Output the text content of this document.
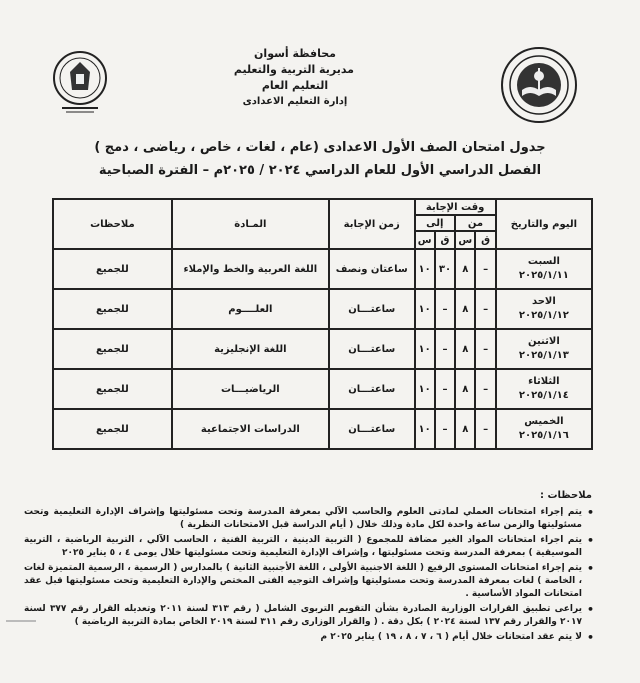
محافظة أسوان
مديرية التربية والتعليم
التعليم العام
إدارة التعليم الاعدادى
جدول امتحان الصف الأول الاعدادى (عام ، لغات ، خاص ، رياضى ، دمج )
الفصل الدراسي الأول للعام الدراسي ٢٠٢٤ / ٢٠٢٥م – الفترة الصباحية
اليوم والتاريخ	وقت الإجابة				زمن الإجابة	المـادة	ملاحظات
	من		إلى				
	ق	س	ق	س			

السبت
٢٠٢٥/١/١١	–	٨	٣٠	١٠	ساعتان ونصف	اللغة العربية والخط والإملاء	للجميع

الاحد
٢٠٢٥/١/١٢	–	٨	–	١٠	ساعتـــان	العلــــوم	للجميع

الاثنين
٢٠٢٥/١/١٣	–	٨	–	١٠	ساعتـــان	اللغة الإنجليزية	للجميع

الثلاثاء
٢٠٢٥/١/١٤	–	٨	–	١٠	ساعتـــان	الرياضيـــات	للجميع

الخميس
٢٠٢٥/١/١٦	–	٨	–	١٠	ساعتـــان	الدراسات الاجتماعية	للجميع
ملاحظات :
• يتم إجراء امتحانات العملي لمادتى العلوم والحاسب الآلي بمعرفة المدرسة وتحت مسئوليتها وإشراف الإدارة التعليمية وتحت مسئوليتها والزمن ساعة واحدة لكل مادة وذلك خلال ( أيام الدراسة قبل الامتحانات النظرية )
• يتم اجراء امتحانات المواد الغير مضافة للمجموع ( التربية الدينية ، التربية الفنية ، الحاسب الآلي ، التربية الرياضية ، التربية الموسيقية ) بمعرفة المدرسة وتحت مسئوليتها ، وإشراف الإدارة التعليمية وتحت مسئوليتها خلال يومى ٤ ، ٥ يناير ٢٠٢٥
• يتم إجراء امتحانات المستوى الرفيع ( اللغة الاجنبية الأولى ، اللغة الأجنبية الثانية ) بالمدارس ( الرسمية ، الرسمية المتميزة لغات ، الخاصة ) لغات بمعرفة المدرسة وتحت مسئوليتها وإشراف التوجيه الفنى المختص والإدارة التعليمية وتحت مسئوليتها قبل عقد امتحانات المواد الأساسية .
• يراعى تطبيق القرارات الوزارية الصادرة بشأن التقويم التربوى الشامل ( رقم ٣١٣ لسنة ٢٠١١ وتعديله القرار رقم ٣٧٧ لسنة ٢٠١٧ والقرار رقم ١٣٧ لسنة ٢٠٢٤ ) بكل دقة . ( والقرار الوزارى رقم ٣١١ لسنة ٢٠١٩ الخاص بمادة التربية الرياضية )
• لا يتم عقد امتحانات خلال أيام ( ٦ ، ٧ ، ٨ ، ١٩ ) يناير ٢٠٢٥ م
